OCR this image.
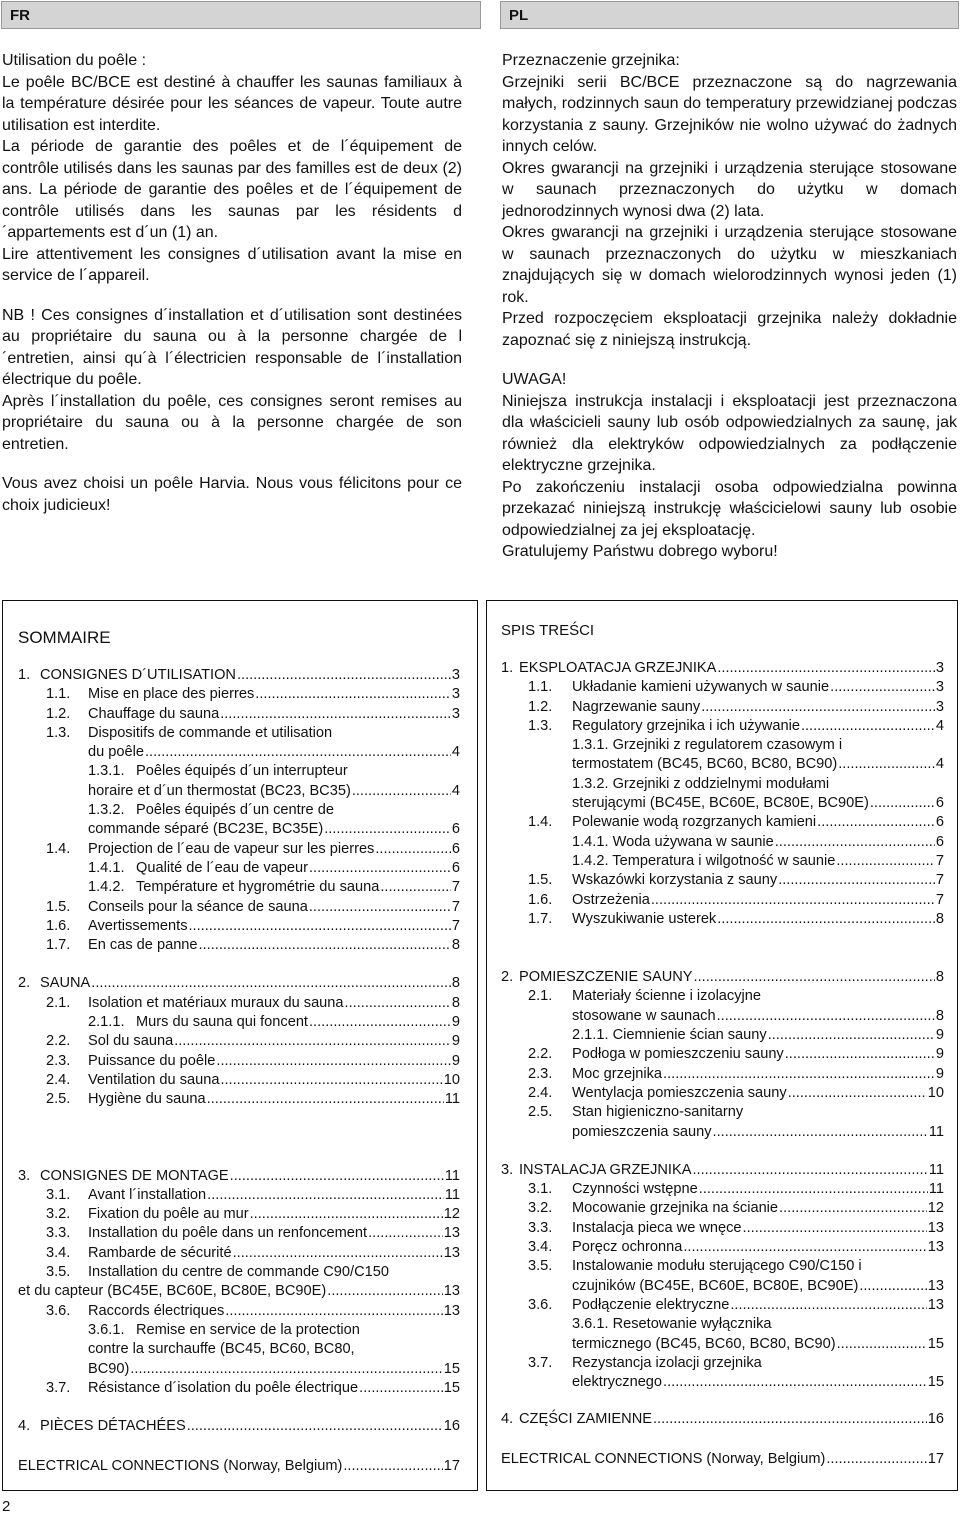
FR	PL

Utilisation du poêle :

Le poêle BC/BCE est destiné à chauffer les saunas familiaux à la température désirée pour les séances de vapeur. Toute autre utilisation est interdite.

La période de garantie des poêles et de l´équipement de contrôle utilisés dans les saunas par des familles est de deux (2) ans. La période de garantie des poêles et de l´équipement de contrôle utilisés dans les saunas par les résidents d´appartements est d´un (1) an.

Lire attentivement les consignes d´utilisation avant la mise en service de l´appareil.

NB ! Ces consignes d´installation et d´utilisation sont destinées au propriétaire du sauna ou à la personne chargée de l´entretien, ainsi qu´à l´électricien responsable de l´installation électrique du poêle.

Après l´installation du poêle, ces consignes seront remises au propriétaire du sauna ou à la personne chargée de son entretien.

Vous avez choisi un poêle Harvia. Nous vous félicitons pour ce choix judicieux!

Przeznaczenie grzejnika:

Grzejniki serii BC/BCE przeznaczone są do nagrzewania małych, rodzinnych saun do temperatury przewidzianej podczas korzystania z sauny. Grzejników nie wolno używać do żadnych innych celów.

Okres gwarancji na grzejniki i urządzenia sterujące stosowane w saunach przeznaczonych do użytku w domach jednorodzinnych wynosi dwa (2) lata.

Okres gwarancji na grzejniki i urządzenia sterujące stosowane w saunach przeznaczonych do użytku w mieszkaniach znajdujących się w domach wielorodzinnych wynosi jeden (1) rok.

Przed rozpoczęciem eksploatacji grzejnika należy dokładnie zapoznać się z niniejszą instrukcją.

UWAGA!

Niniejsza instrukcja instalacji i eksploatacji jest przeznaczona dla właścicieli sauny lub osób odpowiedzialnych za saunę, jak również dla elektryków odpowiedzialnych za podłączenie elektryczne grzejnika.

Po zakończeniu instalacji osoba odpowiedzialna powinna przekazać niniejszą instrukcję właścicielowi sauny lub osobie odpowiedzialnej za jej eksploatację.

Gratulujemy Państwu dobrego wyboru!

SOMMAIRE
1. CONSIGNES D´UTILISATION .....	3
1.1.	Mise en place des pierres .....	3
1.2.	Chauffage du sauna .....	3
1.3.	Dispositifs de commande et utilisation
du poêle .....	4
1.3.1. Poêles équipés d´un interrupteur
horaire et d´un thermostat (BC23, BC35) .....	4
1.3.2. Poêles équipés d´un centre de
commande séparé (BC23E, BC35E) .....	6
1.4.	Projection de l´eau de vapeur sur les pierres .....	6
1.4.1. Qualité de l´eau de vapeur .....	6
1.4.2. Température et hygrométrie du sauna .....	7
1.5.	Conseils pour la séance de sauna .....	7
1.6.	Avertissements .....	7
1.7.	En cas de panne .....	8
2. SAUNA .....	8
2.1.	Isolation et matériaux muraux du sauna .....	8
2.1.1. Murs du sauna qui foncent .....	9
2.2.	Sol du sauna .....	9
2.3.	Puissance du poêle .....	9
2.4.	Ventilation du sauna .....	10
2.5.	Hygiène du sauna .....	11
3. CONSIGNES DE MONTAGE .....	11
3.1.	Avant l´installation .....	11
3.2.	Fixation du poêle au mur .....	12
3.3.	Installation du poêle dans un renfoncement .....	13
3.4.	Rambarde de sécurité .....	13
3.5.	Installation du centre de commande C90/C150
et du capteur (BC45E, BC60E, BC80E, BC90E) .....	13
3.6.	Raccords électriques .....	13
3.6.1. Remise en service de la protection
contre la surchauffe (BC45, BC60, BC80,
BC90) .....	15
3.7.	Résistance d´isolation du poêle électrique .....	15
4. PIÈCES DÉTACHÉES .....	16
ELECTRICAL CONNECTIONS (Norway, Belgium) .....	17
SPIS TREŚCI
1. EKSPLOATACJA GRZEJNIKA .....	3
1.1.	Układanie kamieni używanych w saunie .....	3
1.2.	Nagrzewanie sauny .....	3
1.3.	Regulatory grzejnika i ich używanie .....	4
1.3.1. Grzejniki z regulatorem czasowym i
termostatem (BC45, BC60, BC80, BC90) .....	4
1.3.2. Grzejniki z oddzielnymi modułami
sterującymi (BC45E, BC60E, BC80E, BC90E) .....	6
1.4.	Polewanie wodą rozgrzanych kamieni .....	6
1.4.1. Woda używana w saunie .....	6
1.4.2. Temperatura i wilgotność w saunie .....	7
1.5.	Wskazówki korzystania z sauny .....	7
1.6.	Ostrzeżenia .....	7
1.7.	Wyszukiwanie usterek .....	8
2. POMIESZCZENIE SAUNY .....	8
2.1.	Materiały ścienne i izolacyjne
stosowane w saunach .....	8
2.1.1. Ciemnienie ścian sauny .....	9
2.2.	Podłoga w pomieszczeniu sauny .....	9
2.3.	Moc grzejnika .....	9
2.4.	Wentylacja pomieszczenia sauny .....	10
2.5.	Stan higieniczno-sanitarny
pomieszczenia sauny .....	11
3. INSTALACJA GRZEJNIKA .....	11
3.1.	Czynności wstępne .....	11
3.2.	Mocowanie grzejnika na ścianie .....	12
3.3.	Instalacja pieca we wnęce .....	13
3.4.	Poręcz ochronna .....	13
3.5.	Instalowanie modułu sterującego C90/C150 i
czujników (BC45E, BC60E, BC80E, BC90E) .....	13
3.6.	Podłączenie elektryczne .....	13
3.6.1. Resetowanie wyłącznika
termicznego (BC45, BC60, BC80, BC90) .....	15
3.7.	Rezystancja izolacji grzejnika
elektrycznego .....	15
4. CZĘŚCI ZAMIENNE .....	16
ELECTRICAL CONNECTIONS (Norway, Belgium) .....	17
2
